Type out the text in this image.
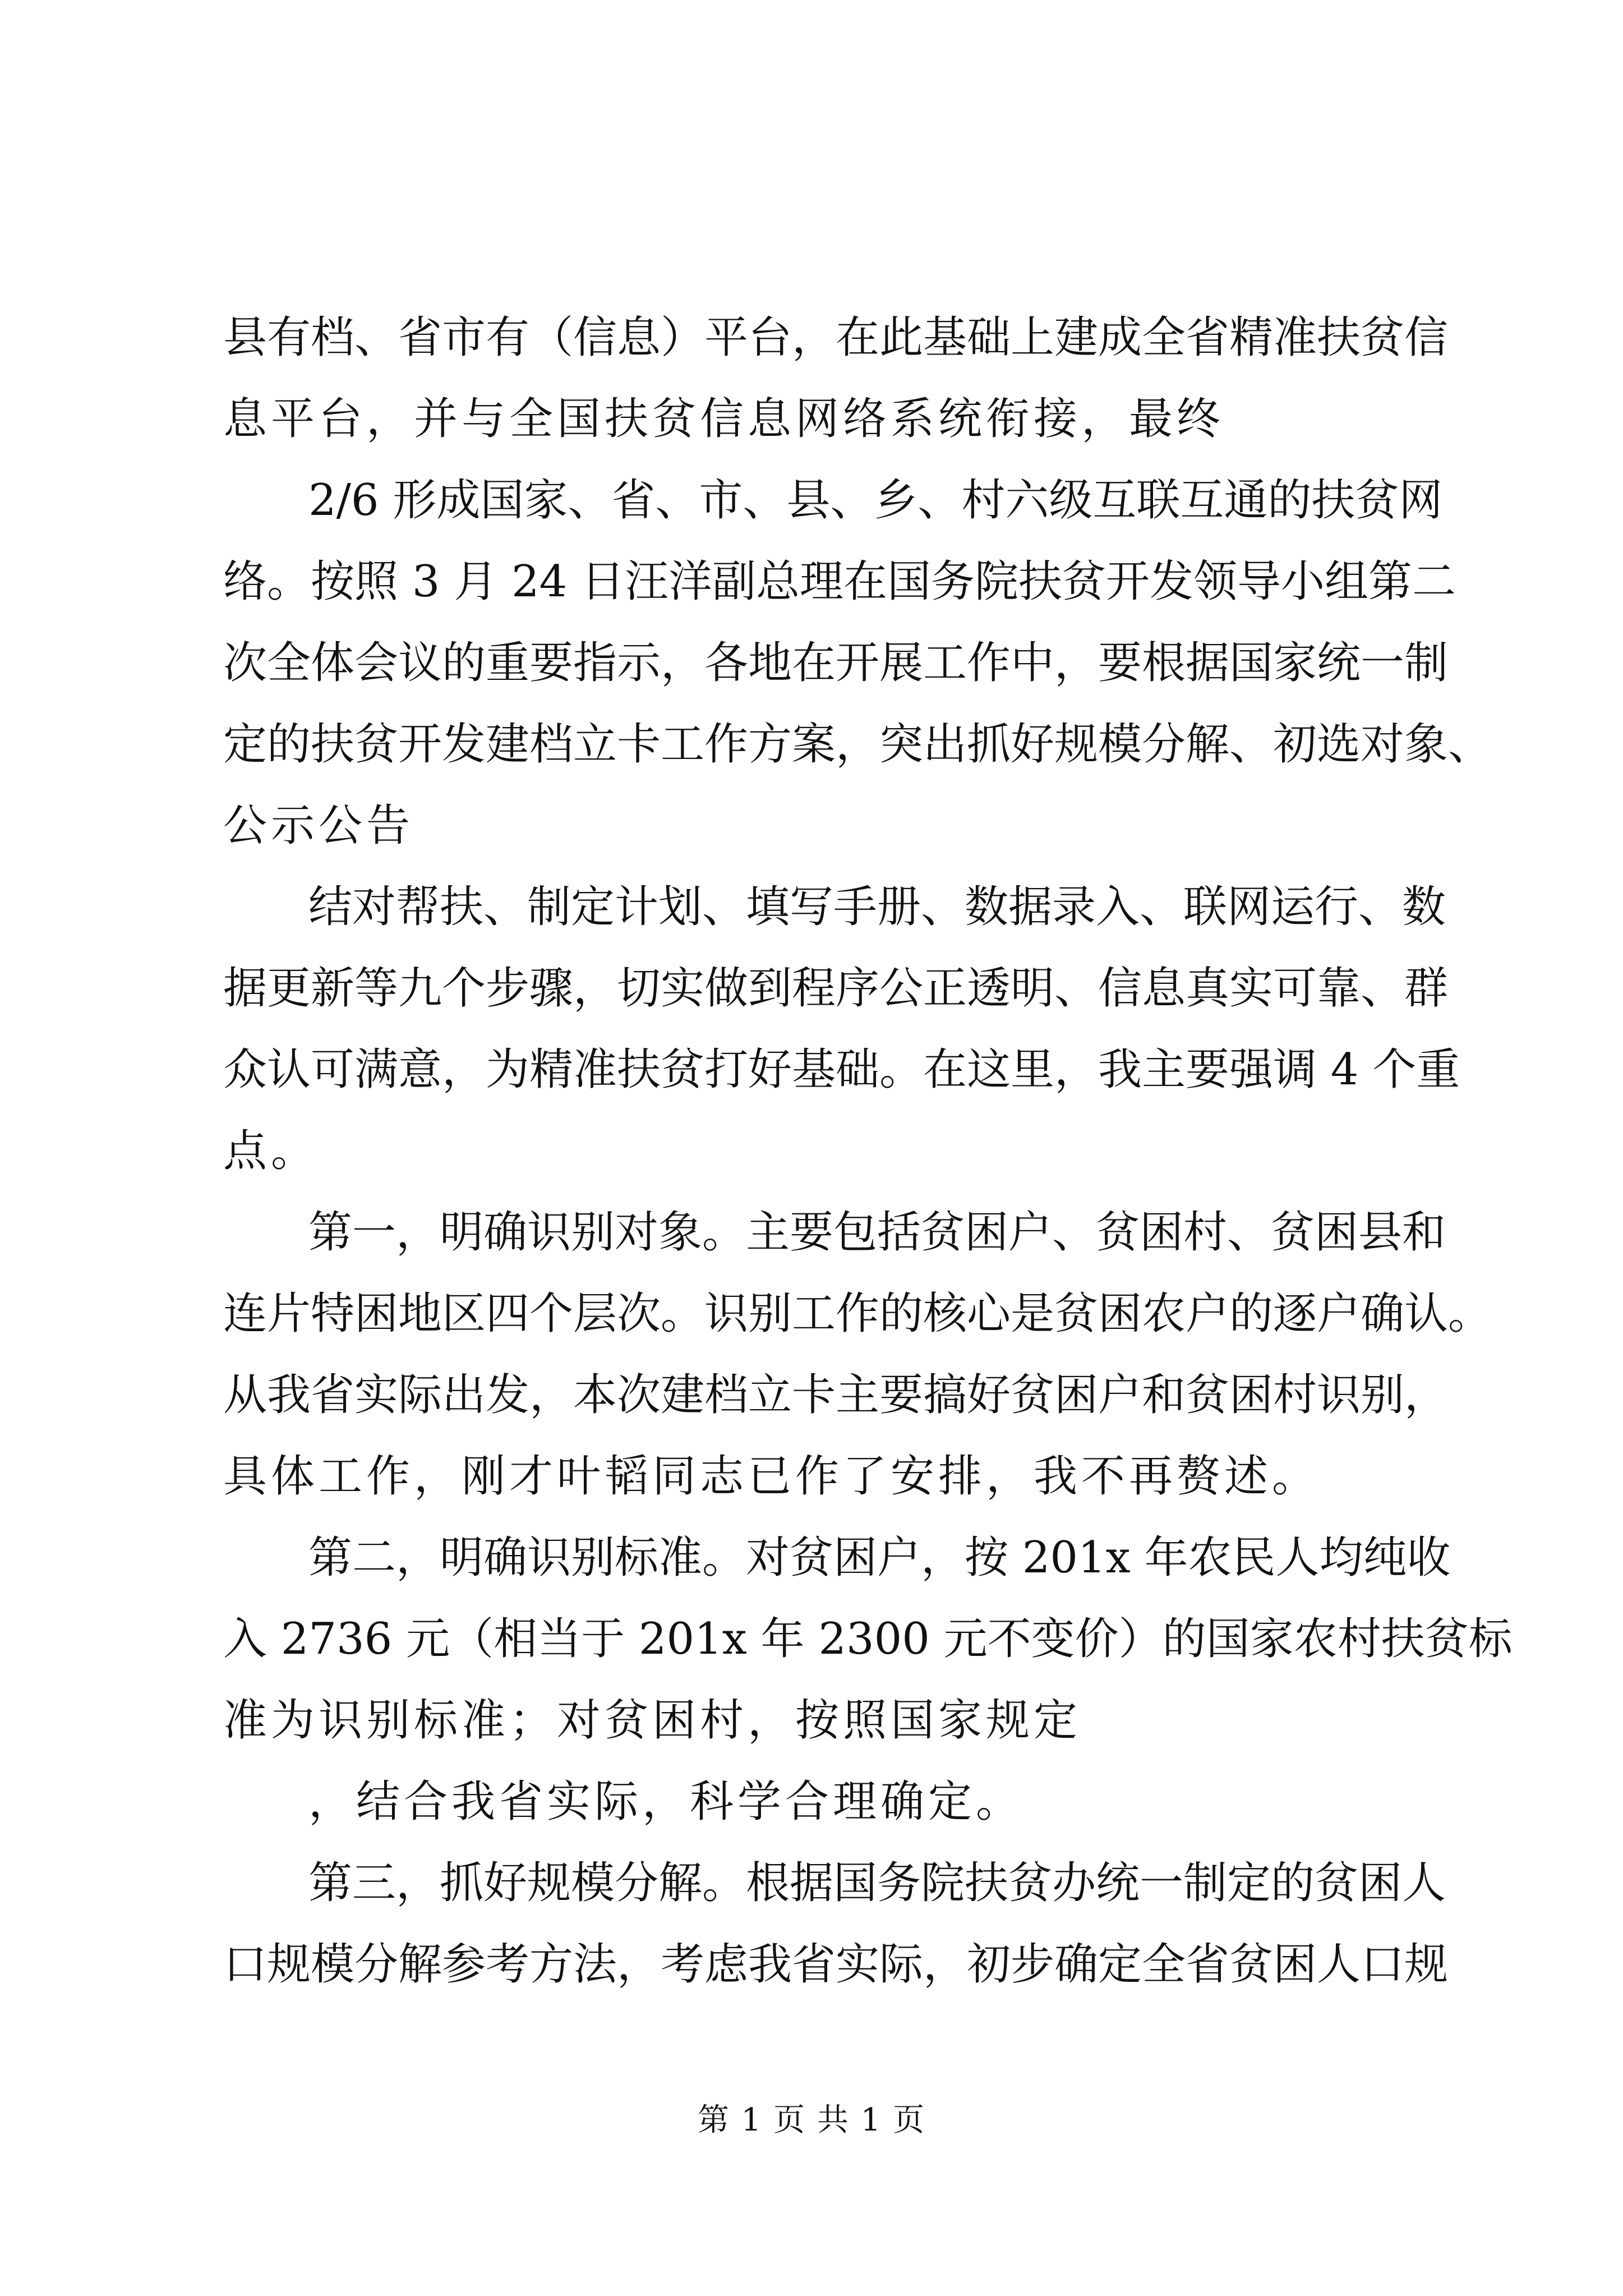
县有档、省市有（信息）平台，在此基础上建成全省精准扶贫信
息平台，并与全国扶贫信息网络系统衔接，最终
2/6 形成国家、省、市、县、乡、村六级互联互通的扶贫网
络。按照 3 月 24 日汪洋副总理在国务院扶贫开发领导小组第二
次全体会议的重要指示，各地在开展工作中，要根据国家统一制
定的扶贫开发建档立卡工作方案，突出抓好规模分解、初选对象、
公示公告
结对帮扶、制定计划、填写手册、数据录入、联网运行、数
据更新等九个步骤，切实做到程序公正透明、信息真实可靠、群
众认可满意，为精准扶贫打好基础。在这里，我主要强调 4 个重
点。
第一，明确识别对象。主要包括贫困户、贫困村、贫困县和
连片特困地区四个层次。识别工作的核心是贫困农户的逐户确认。
从我省实际出发，本次建档立卡主要搞好贫困户和贫困村识别，
具体工作，刚才叶韬同志已作了安排，我不再赘述。
第二，明确识别标准。对贫困户，按 201x 年农民人均纯收
入 2736 元（相当于 201x 年 2300 元不变价）的国家农村扶贫标
准为识别标准；对贫困村，按照国家规定
，结合我省实际，科学合理确定。
第三，抓好规模分解。根据国务院扶贫办统一制定的贫困人
口规模分解参考方法，考虑我省实际，初步确定全省贫困人口规
第 1 页 共 1 页
